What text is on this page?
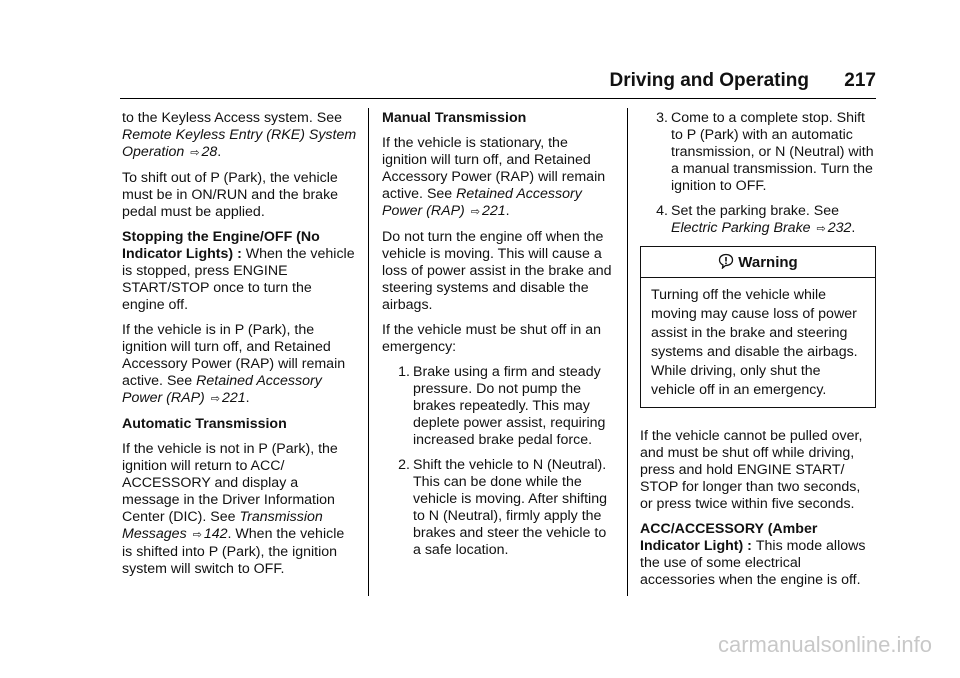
Driving and Operating 217

to the Keyless Access system. See Remote Keyless Entry (RKE) System Operation ⇨ 28.

To shift out of P (Park), the vehicle must be in ON/RUN and the brake pedal must be applied.

Stopping the Engine/OFF (No Indicator Lights) : When the vehicle is stopped, press ENGINE START/STOP once to turn the engine off.

If the vehicle is in P (Park), the ignition will turn off, and Retained Accessory Power (RAP) will remain active. See Retained Accessory Power (RAP) ⇨ 221.

Automatic Transmission

If the vehicle is not in P (Park), the ignition will return to ACC/ ACCESSORY and display a message in the Driver Information Center (DIC). See Transmission Messages ⇨ 142. When the vehicle is shifted into P (Park), the ignition system will switch to OFF.

Manual Transmission

If the vehicle is stationary, the ignition will turn off, and Retained Accessory Power (RAP) will remain active. See Retained Accessory Power (RAP) ⇨ 221.

Do not turn the engine off when the vehicle is moving. This will cause a loss of power assist in the brake and steering systems and disable the airbags.

If the vehicle must be shut off in an emergency:

1. Brake using a firm and steady pressure. Do not pump the brakes repeatedly. This may deplete power assist, requiring increased brake pedal force.
2. Shift the vehicle to N (Neutral). This can be done while the vehicle is moving. After shifting to N (Neutral), firmly apply the brakes and steer the vehicle to a safe location.
3. Come to a complete stop. Shift to P (Park) with an automatic transmission, or N (Neutral) with a manual transmission. Turn the ignition to OFF.
4. Set the parking brake. See Electric Parking Brake ⇨ 232.
Warning
Turning off the vehicle while moving may cause loss of power assist in the brake and steering systems and disable the airbags. While driving, only shut the vehicle off in an emergency.

If the vehicle cannot be pulled over, and must be shut off while driving, press and hold ENGINE START/ STOP for longer than two seconds, or press twice within five seconds.

ACC/ACCESSORY (Amber Indicator Light) : This mode allows the use of some electrical accessories when the engine is off.

carmanualsonline.info
